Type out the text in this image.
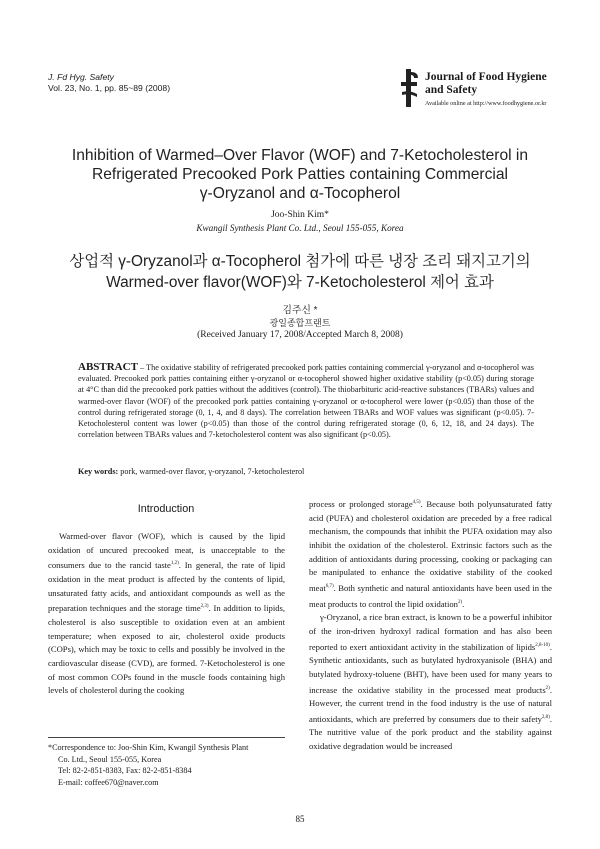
J. Fd Hyg. Safety
Vol. 23, No. 1, pp. 85~89 (2008)
Journal of Food Hygiene
and Safety
Available online at http://www.foodhygiene.or.kr
Inhibition of Warmed–Over Flavor (WOF) and 7-Ketocholesterol in
Refrigerated Precooked Pork Patties containing Commercial
γ-Oryzanol and α-Tocopherol
Joo-Shin Kim*
Kwangil Synthesis Plant Co. Ltd., Seoul 155-055, Korea
상업적 γ-Oryzanol과 α-Tocopherol 첨가에 따른 냉장 조리 돼지고기의
Warmed-over flavor(WOF)와 7-Ketocholesterol 제어 효과
김주신 *
광일종합프랜트
(Received January 17, 2008/Accepted March 8, 2008)
ABSTRACT – The oxidative stability of refrigerated precooked pork patties containing commercial γ-oryzanol and α-tocopherol was evaluated. Precooked pork patties containing either γ-oryzanol or α-tocopherol showed higher oxidative stability (p<0.05) during storage at 4°C than did the precooked pork patties without the additives (control). The thiobarbituric acid-reactive substances (TBARs) values and warmed-over flavor (WOF) of the precooked pork patties containing γ-oryzanol or α-tocopherol were lower (p<0.05) than those of the control during refrigerated storage (0, 1, 4, and 8 days). The correlation between TBARs and WOF values was significant (p<0.05). 7-Ketocholesterol content was lower (p<0.05) than those of the control during refrigerated storage (0, 6, 12, 18, and 24 days). The correlation between TBARs values and 7-ketocholesterol content was also significant (p<0.05).
Key words: pork, warmed-over flavor, γ-oryzanol, 7-ketocholesterol
Introduction

Warmed-over flavor (WOF), which is caused by the lipid oxidation of uncured precooked meat, is unacceptable to the consumers due to the rancid taste$^{1,2)}$. In general, the rate of lipid oxidation in the meat product is affected by the contents of lipid, unsaturated fatty acids, and antioxidant compounds as well as the preparation techniques and the storage time$^{2,3)}$. In addition to lipids, cholesterol is also susceptible to oxidation even at an ambient temperature; when exposed to air, cholesterol oxide products (COPs), which may be toxic to cells and possibly be involved in the cardiovascular disease (CVD), are formed. 7-Ketocholesterol is one of most common COPs found in the muscle foods containing high levels of cholesterol during the cooking

*Correspondence to: Joo-Shin Kim, Kwangil Synthesis Plant
Co. Ltd., Seoul 155-055, Korea
Tel: 82-2-851-8383, Fax: 82-2-851-8384
E-mail: coffee670@naver.com

process or prolonged storage$^{4,5)}$. Because both polyunsaturated fatty acid (PUFA) and cholesterol oxidation are preceded by a free radical mechanism, the compounds that inhibit the PUFA oxidation may also inhibit the oxidation of the cholesterol. Extrinsic factors such as the addition of antioxidants during processing, cooking or packaging can be manipulated to enhance the oxidative stability of the cooked meat$^{6,7)}$. Both synthetic and natural antioxidants have been used in the meat products to control the lipid oxidation$^{2)}$.

γ-Oryzanol, a rice bran extract, is known to be a powerful inhibitor of the iron-driven hydroxyl radical formation and has also been reported to exert antioxidant activity in the stabilization of lipids$^{2,8-10)}$. Synthetic antioxidants, such as butylated hydroxyanisole (BHA) and butylated hydroxy-toluene (BHT), have been used for many years to increase the oxidative stability in the processed meat products$^{2)}$. However, the current trend in the food industry is the use of natural antioxidants, which are preferred by consumers due to their safety$^{2,8)}$. The nutritive value of the pork product and the stability against oxidative degradation would be increased

85
